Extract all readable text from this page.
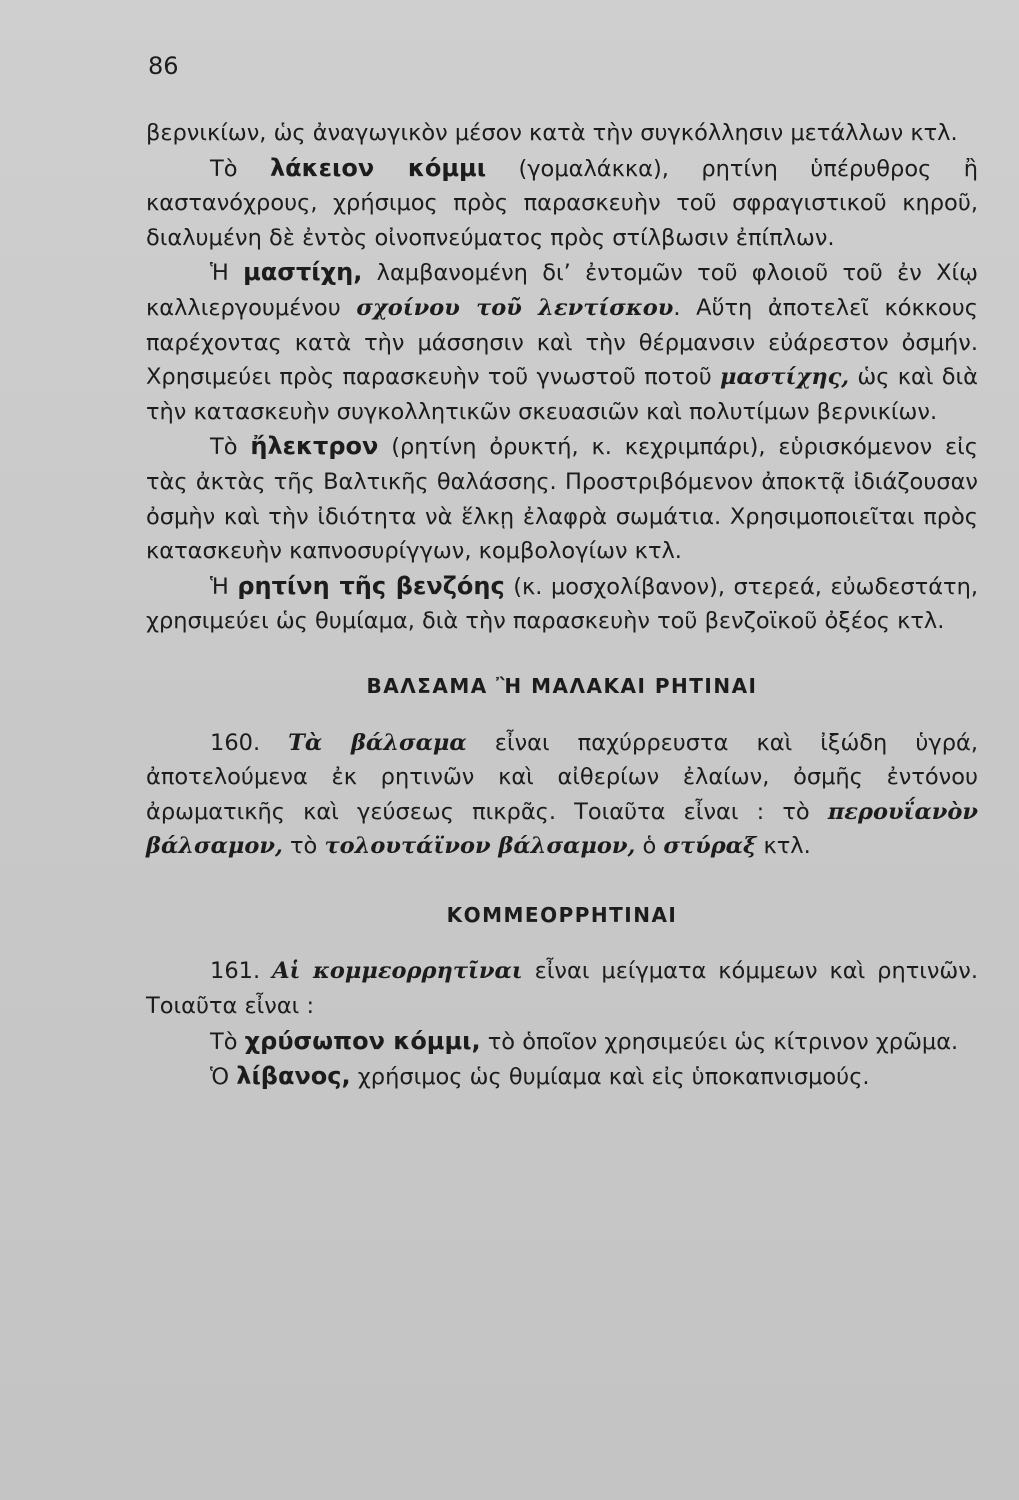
86

βερνικίων, ὡς ἀναγωγικὸν μέσον κατὰ τὴν συγκόλλησιν μετάλλων κτλ.

Τὸ λάκειον κόμμι (γομαλάκκα), ρητίνη ὑπέρυθρος ἢ καστανόχρους, χρήσιμος πρὸς παρασκευὴν τοῦ σφραγιστικοῦ κηροῦ, διαλυμένη δὲ ἐντὸς οἰνοπνεύματος πρὸς στίλβωσιν ἐπίπλων.

Ἡ μαστίχη, λαμβανομένη δι’ ἐντομῶν τοῦ φλοιοῦ τοῦ ἐν Χίῳ καλλιεργουμένου σχοίνου τοῦ λεντίσκου. Αὕτη ἀποτελεῖ κόκκους παρέχοντας κατὰ τὴν μάσσησιν καὶ τὴν θέρμανσιν εὐάρεστον ὀσμήν. Χρησιμεύει πρὸς παρασκευὴν τοῦ γνωστοῦ ποτοῦ μαστίχης, ὡς καὶ διὰ τὴν κατασκευὴν συγκολλητικῶν σκευασιῶν καὶ πολυτίμων βερνικίων.

Τὸ ἤλεκτρον (ρητίνη ὀρυκτή, κ. κεχριμπάρι), εὑρισκόμενον εἰς τὰς ἀκτὰς τῆς Βαλτικῆς θαλάσσης. Προστριβόμενον ἀποκτᾷ ἰδιάζουσαν ὀσμὴν καὶ τὴν ἰδιότητα νὰ ἕλκῃ ἐλαφρὰ σωμάτια. Χρησιμοποιεῖται πρὸς κατασκευὴν καπνοσυρίγγων, κομβολογίων κτλ.

Ἡ ρητίνη τῆς βενζόης (κ. μοσχολίβανον), στερεά, εὐωδεστάτη, χρησιμεύει ὡς θυμίαμα, διὰ τὴν παρασκευὴν τοῦ βενζοϊκοῦ ὀξέος κτλ.

ΒΑΛΣΑΜΑ Ἢ ΜΑΛΑΚΑΙ ΡΗΤΙΝΑΙ

160. Τὰ βάλσαμα εἶναι παχύρρευστα καὶ ἰξώδη ὑγρά, ἀποτελούμενα ἐκ ρητινῶν καὶ αἰθερίων ἐλαίων, ὀσμῆς ἐντόνου ἀρωματικῆς καὶ γεύσεως πικρᾶς. Τοιαῦτα εἶναι : τὸ περουΐανὸν βάλσαμον, τὸ τολουτάϊνον βάλσαμον, ὁ στύραξ κτλ.

ΚΟΜΜΕΟΡΡΗΤΙΝΑΙ

161. Αἱ κομμεορρητῖναι εἶναι μείγματα κόμμεων καὶ ρητινῶν. Τοιαῦτα εἶναι :

Τὸ χρύσωπον κόμμι, τὸ ὁποῖον χρησιμεύει ὡς κίτρινον χρῶμα.

Ὁ λίβανος, χρήσιμος ὡς θυμίαμα καὶ εἰς ὑποκαπνισμούς.
